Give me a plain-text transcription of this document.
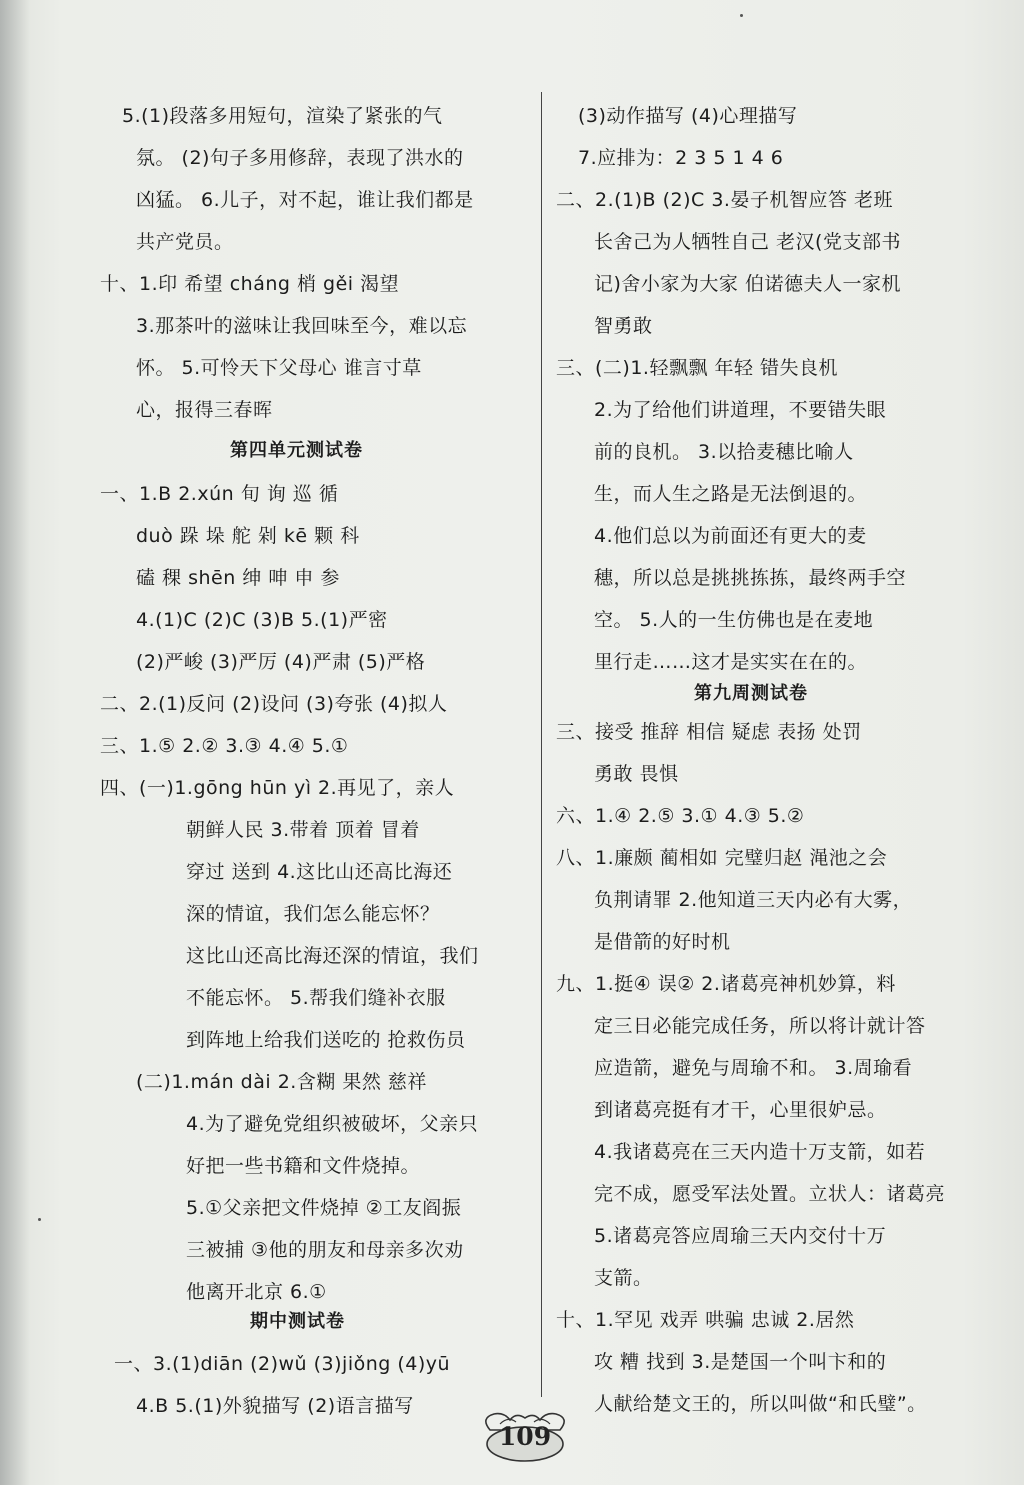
5.(1)段落多用短句，渲染了紧张的气
氛。 (2)句子多用修辞，表现了洪水的
凶猛。 6.儿子，对不起，谁让我们都是
共产党员。
十、1.印 希望 cháng 梢 gěi 渴望
3.那茶叶的滋味让我回味至今，难以忘
怀。 5.可怜天下父母心 谁言寸草
心，报得三春晖
第四单元测试卷
一、1.B 2.xún 旬 询 巡 循
duò 跺 垛 舵 剁 kē 颗 科
磕 稞 shēn 绅 呻 申 参
4.(1)C (2)C (3)B 5.(1)严密
(2)严峻 (3)严厉 (4)严肃 (5)严格
二、2.(1)反问 (2)设问 (3)夸张 (4)拟人
三、1.⑤ 2.② 3.③ 4.④ 5.①
四、(一)1.gōng hūn yì 2.再见了，亲人
朝鲜人民 3.带着 顶着 冒着
穿过 送到 4.这比山还高比海还
深的情谊，我们怎么能忘怀？
这比山还高比海还深的情谊，我们
不能忘怀。 5.帮我们缝补衣服
到阵地上给我们送吃的 抢救伤员
(二)1.mán dài 2.含糊 果然 慈祥
4.为了避免党组织被破坏，父亲只
好把一些书籍和文件烧掉。
5.①父亲把文件烧掉 ②工友阎振
三被捕 ③他的朋友和母亲多次劝
他离开北京 6.①
期中测试卷
一、3.(1)diān (2)wǔ (3)jiǒng (4)yū
4.B 5.(1)外貌描写 (2)语言描写
(3)动作描写 (4)心理描写
7.应排为：2 3 5 1 4 6
二、2.(1)B (2)C 3.晏子机智应答 老班
长舍己为人牺牲自己 老汉(党支部书
记)舍小家为大家 伯诺德夫人一家机
智勇敢
三、(二)1.轻飘飘 年轻 错失良机
2.为了给他们讲道理，不要错失眼
前的良机。 3.以拾麦穗比喻人
生，而人生之路是无法倒退的。
4.他们总以为前面还有更大的麦
穗，所以总是挑挑拣拣，最终两手空
空。 5.人的一生仿佛也是在麦地
里行走……这才是实实在在的。
第九周测试卷
三、接受 推辞 相信 疑虑 表扬 处罚
勇敢 畏惧
六、1.④ 2.⑤ 3.① 4.③ 5.②
八、1.廉颇 蔺相如 完璧归赵 渑池之会
负荆请罪 2.他知道三天内必有大雾，
是借箭的好时机
九、1.挺④ 误② 2.诸葛亮神机妙算，料
定三日必能完成任务，所以将计就计答
应造箭，避免与周瑜不和。 3.周瑜看
到诸葛亮挺有才干，心里很妒忌。
4.我诸葛亮在三天内造十万支箭，如若
完不成，愿受军法处置。立状人：诸葛亮
5.诸葛亮答应周瑜三天内交付十万
支箭。
十、1.罕见 戏弄 哄骗 忠诚 2.居然
攻 糟 找到 3.是楚国一个叫卞和的
人献给楚文王的，所以叫做“和氏璧”。
109
